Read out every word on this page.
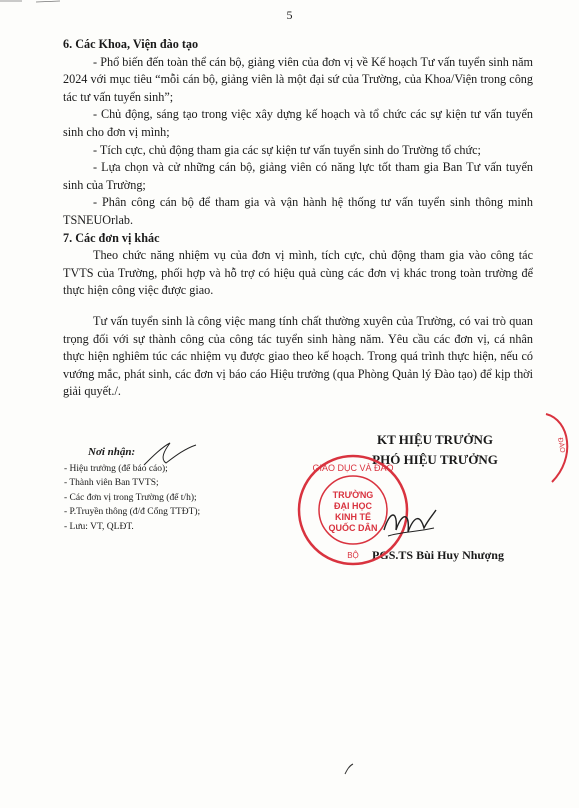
5

6. Các Khoa, Viện đào tạo

- Phổ biến đến toàn thể cán bộ, giảng viên của đơn vị về Kế hoạch Tư vấn tuyển sinh năm 2024 với mục tiêu “mỗi cán bộ, giảng viên là một đại sứ của Trường, của Khoa/Viện trong công tác tư vấn tuyển sinh”;

- Chủ động, sáng tạo trong việc xây dựng kế hoạch và tổ chức các sự kiện tư vấn tuyển sinh cho đơn vị mình;

- Tích cực, chủ động tham gia các sự kiện tư vấn tuyển sinh do Trường tổ chức;

- Lựa chọn và cử những cán bộ, giảng viên có năng lực tốt tham gia Ban Tư vấn tuyển sinh của Trường;

- Phân công cán bộ để tham gia và vận hành hệ thống tư vấn tuyển sinh thông minh TSNEUOrlab.

7. Các đơn vị khác

Theo chức năng nhiệm vụ của đơn vị mình, tích cực, chủ động tham gia vào công tác TVTS của Trường, phối hợp và hỗ trợ có hiệu quả cùng các đơn vị khác trong toàn trường để thực hiện công việc được giao.

Tư vấn tuyển sinh là công việc mang tính chất thường xuyên của Trường, có vai trò quan trọng đối với sự thành công của công tác tuyển sinh hàng năm. Yêu cầu các đơn vị, cá nhân thực hiện nghiêm túc các nhiệm vụ được giao theo kế hoạch. Trong quá trình thực hiện, nếu có vướng mắc, phát sinh, các đơn vị báo cáo Hiệu trưởng (qua Phòng Quản lý Đào tạo) để kịp thời giải quyết./.

Nơi nhận:
- Hiệu trưởng (để báo cáo);
- Thành viên Ban TVTS;
- Các đơn vị trong Trường (để t/h);
- P.Truyền thông (đ/đ Cổng TTĐT);
- Lưu: VT, QLĐT.
KT HIỆU TRƯỞNG
PHÓ HIỆU TRƯỞNG
PGS.TS Bùi Huy Nhượng
GIÁO DỤC VÀ ĐÀO
BỘ
TRƯỜNG
ĐẠI HỌC
KINH TẾ
QUỐC DÂN
ĐÀO
